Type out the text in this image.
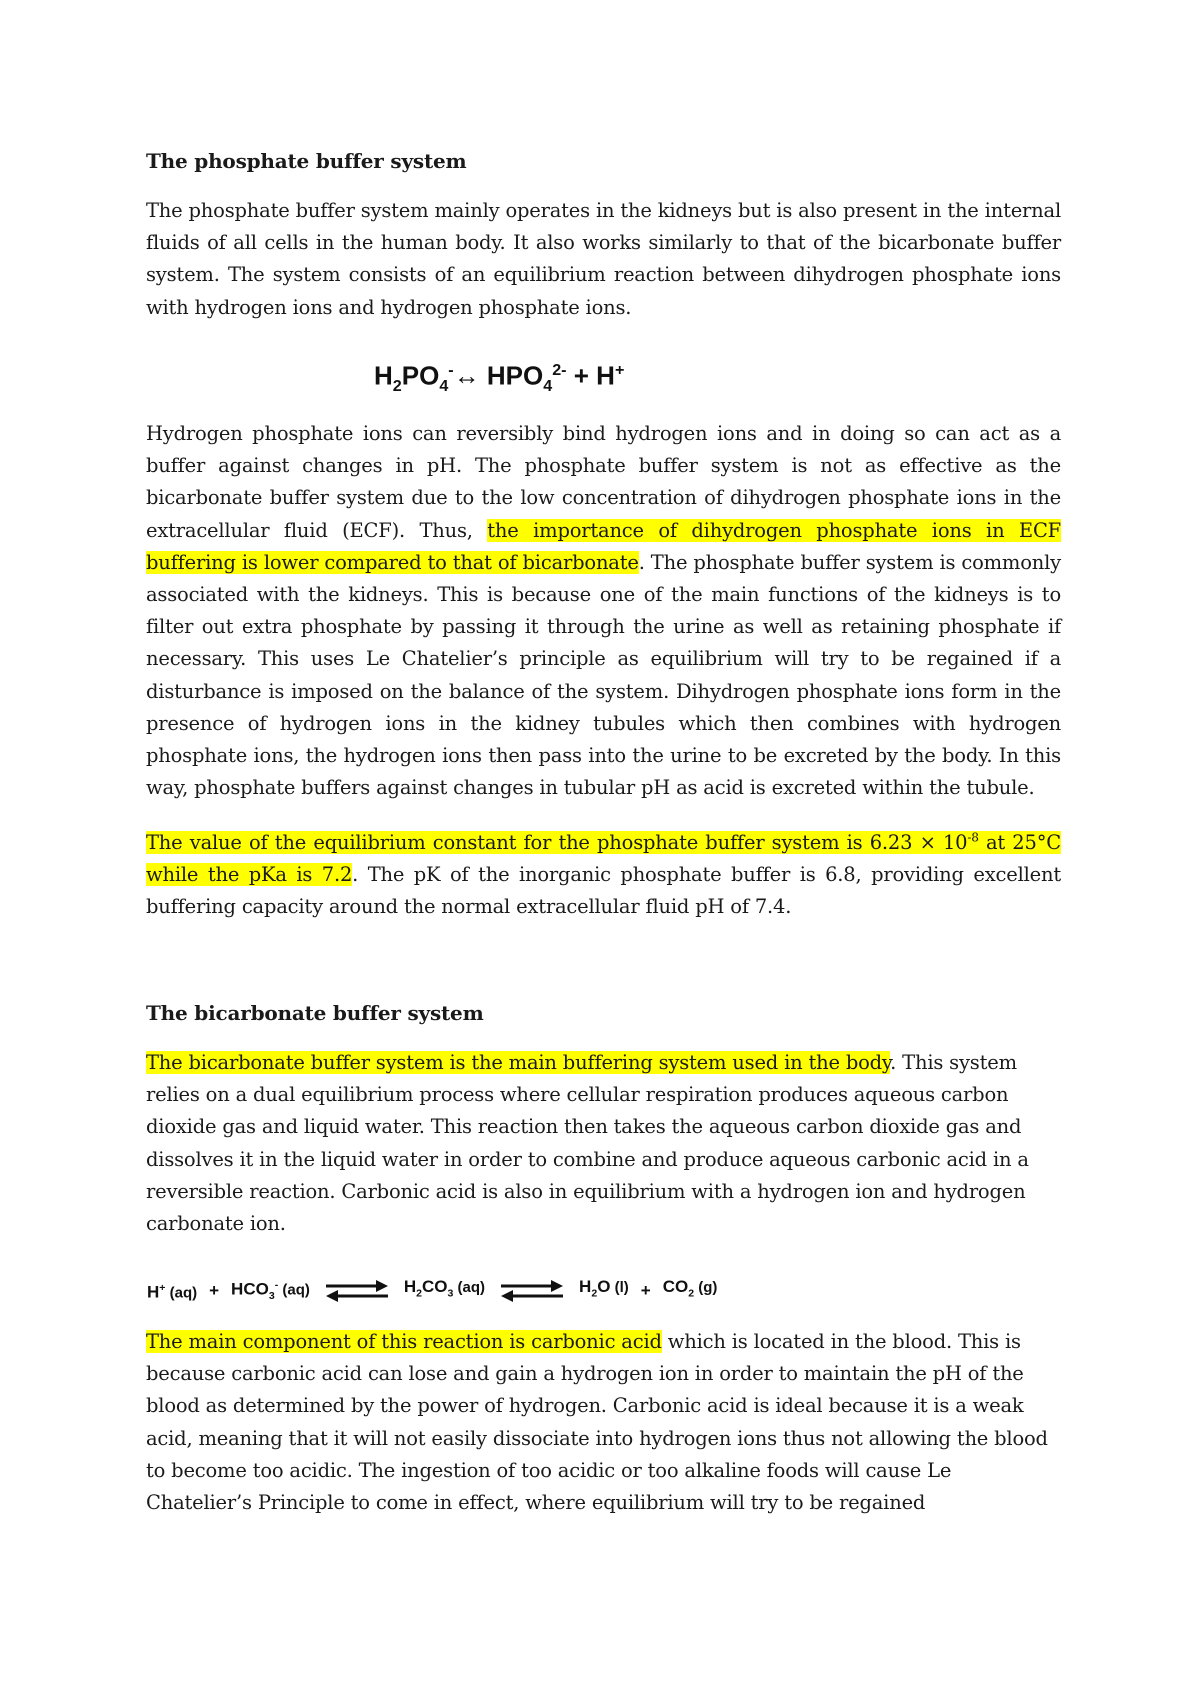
The phosphate buffer system
The phosphate buffer system mainly operates in the kidneys but is also present in the internal fluids of all cells in the human body. It also works similarly to that of the bicarbonate buffer system. The system consists of an equilibrium reaction between dihydrogen phosphate ions with hydrogen ions and hydrogen phosphate ions.
$H_2PO_4^-\leftrightarrow$ $HPO_4^{2-} + H^+$
Hydrogen phosphate ions can reversibly bind hydrogen ions and in doing so can act as a buffer against changes in pH. The phosphate buffer system is not as effective as the bicarbonate buffer system due to the low concentration of dihydrogen phosphate ions in the extracellular fluid (ECF). Thus, the importance of dihydrogen phosphate ions in ECF buffering is lower compared to that of bicarbonate. The phosphate buffer system is commonly associated with the kidneys. This is because one of the main functions of the kidneys is to filter out extra phosphate by passing it through the urine as well as retaining phosphate if necessary. This uses Le Chatelier’s principle as equilibrium will try to be regained if a disturbance is imposed on the balance of the system. Dihydrogen phosphate ions form in the presence of hydrogen ions in the kidney tubules which then combines with hydrogen phosphate ions, the hydrogen ions then pass into the urine to be excreted by the body. In this way, phosphate buffers against changes in tubular pH as acid is excreted within the tubule.
The value of the equilibrium constant for the phosphate buffer system is $6.23 \times 10^{-8}$ at 25°C while the pKa is 7.2. The pK of the inorganic phosphate buffer is 6.8, providing excellent buffering capacity around the normal extracellular fluid pH of 7.4.
The bicarbonate buffer system
The bicarbonate buffer system is the main buffering system used in the body. This system relies on a dual equilibrium process where cellular respiration produces aqueous carbon dioxide gas and liquid water. This reaction then takes the aqueous carbon dioxide gas and dissolves it in the liquid water in order to combine and produce aqueous carbonic acid in a reversible reaction. Carbonic acid is also in equilibrium with a hydrogen ion and hydrogen carbonate ion.
H+ $(aq) + HCO_3^-$ (aq) ⇌ $H_2CO_3$ (aq) ⇌ $H_2O$ $(l) + CO_2$ (g)
The main component of this reaction is carbonic acid which is located in the blood. This is because carbonic acid can lose and gain a hydrogen ion in order to maintain the pH of the blood as determined by the power of hydrogen. Carbonic acid is ideal because it is a weak acid, meaning that it will not easily dissociate into hydrogen ions thus not allowing the blood to become too acidic. The ingestion of too acidic or too alkaline foods will cause Le Chatelier’s Principle to come in effect, where equilibrium will try to be regained
